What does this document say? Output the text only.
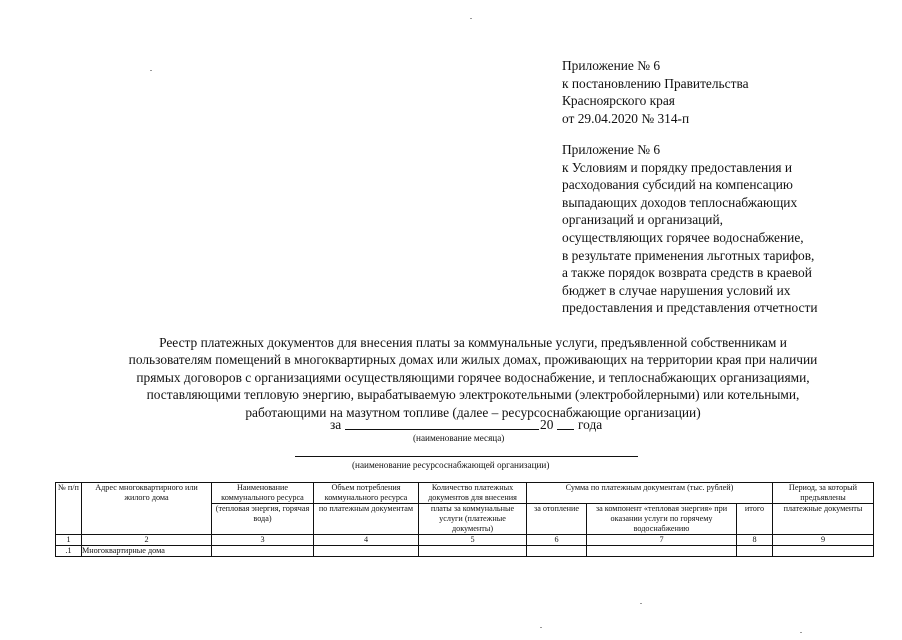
Приложение № 6
к постановлению Правительства
Красноярского края
от 29.04.2020 № 314-п
Приложение № 6
к Условиям и порядку предоставления и
расходования субсидий на компенсацию
выпадающих доходов теплоснабжающих
организаций и организаций,
осуществляющих горячее водоснабжение,
в результате применения льготных тарифов,
а также порядок возврата средств в краевой
бюджет в случае нарушения условий их
предоставления и представления отчетности
Реестр платежных документов для внесения платы за коммунальные услуги, предъявленной собственникам и
пользователям помещений в многоквартирных домах или жилых домах, проживающих на территории края при наличии
прямых договоров с организациями осуществляющими горячее водоснабжение, и теплоснабжающих организациями,
поставляющими тепловую энергию, вырабатываемую электрокотельными (электробойлерными) или котельными,
работающими на мазутном топливе (далее – ресурсоснабжающие организации)
за	20 года
(наименование месяца)
(наименование ресурсоснабжающей организации)
№ п/п	Адрес многоквартирного или жилого дома	Наименование коммунального ресурса	Объем потребления коммунального ресурса	Количество платежных документов для внесения	Сумма по платежным документам (тыс. рублей)			Период, за который предъявлены

		(тепловая энергия, горячая вода)	по платежным документам	платы за коммунальные услуги (платежные документы)	за отопление	за компонент «тепловая энергия» при оказании услуги по горячему водоснабжению	итого	платежные документы

1	2	3	4	5	6	7	8	9
.1	Многоквартирные дома							
